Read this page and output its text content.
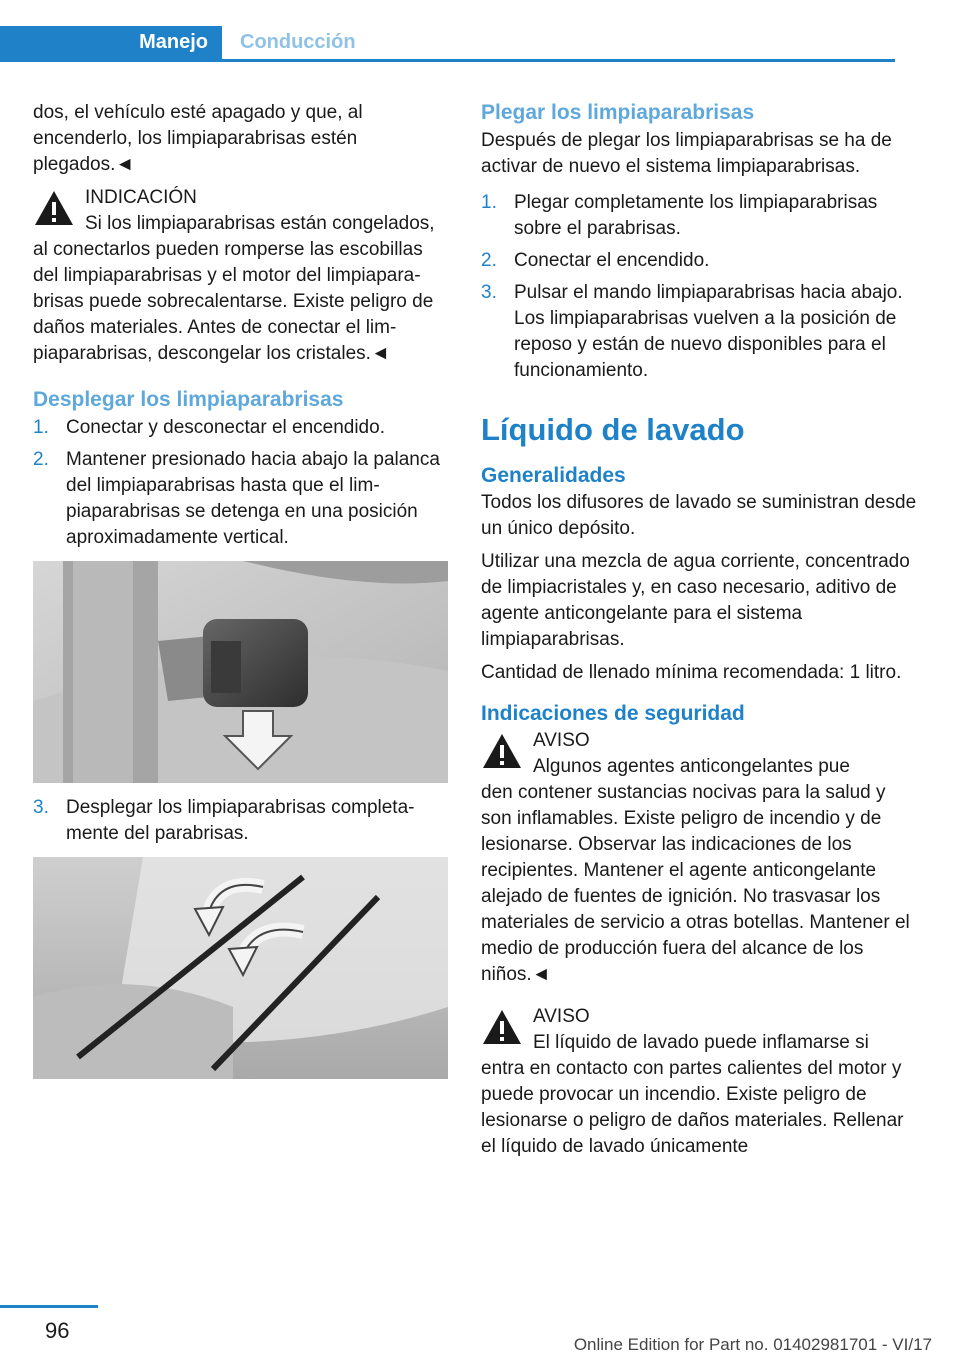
Manejo Conducción

dos, el vehículo esté apagado y que, al encenderlo, los limpiaparabrisas estén plegados.◄

INDICACIÓN
Si los limpiaparabrisas están congelados,
al conectarlos pueden romperse las escobillas del limpiaparabrisas y el motor del limpiaparabrisas puede sobrecalentarse. Existe peligro de daños materiales. Antes de conectar el limpiaparabrisas, descongelar los cristales.◄
Desplegar los limpiaparabrisas
1. Conectar y desconectar el encendido.
2. Mantener presionado hacia abajo la palanca del limpiaparabrisas hasta que el limpiaparabrisas se detenga en una posición aproximadamente vertical.
3. Desplegar los limpiaparabrisas completamente del parabrisas.
Plegar los limpiaparabrisas

Después de plegar los limpiaparabrisas se ha de activar de nuevo el sistema limpiaparabrisas.

1. Plegar completamente los limpiaparabrisas sobre el parabrisas.
2. Conectar el encendido.
3. Pulsar el mando limpiaparabrisas hacia abajo. Los limpiaparabrisas vuelven a la posición de reposo y están de nuevo disponibles para el funcionamiento.
Líquido de lavado
Generalidades

Todos los difusores de lavado se suministran desde un único depósito.

Utilizar una mezcla de agua corriente, concentrado de limpiacristales y, en caso necesario, aditivo de agente anticongelante para el sistema limpiaparabrisas.

Cantidad de llenado mínima recomendada: 1 litro.

Indicaciones de seguridad
AVISO
Algunos agentes anticongelantes pue
den contener sustancias nocivas para la salud y son inflamables. Existe peligro de incendio y de lesionarse. Observar las indicaciones de los recipientes. Mantener el agente anticongelante alejado de fuentes de ignición. No trasvasar los materiales de servicio a otras botellas. Mantener el medio de producción fuera del alcance de los niños.◄
AVISO
El líquido de lavado puede inflamarse si
entra en contacto con partes calientes del motor y puede provocar un incendio. Existe peligro de lesionarse o peligro de daños materiales. Rellenar el líquido de lavado únicamente
96
Online Edition for Part no. 01402981701 - VI/17
